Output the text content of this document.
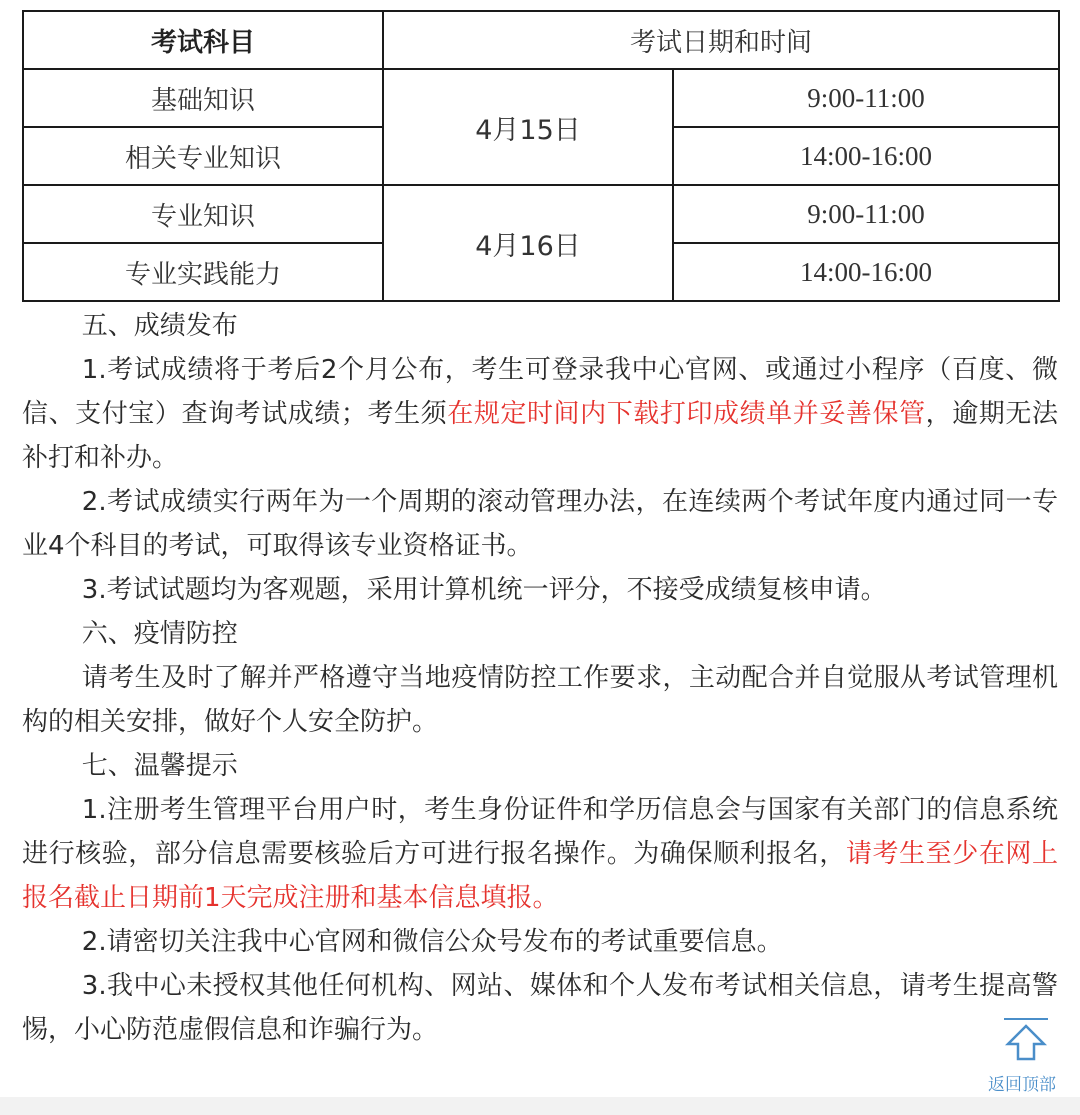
考试科目	考试日期和时间	
基础知识	4月15日	9:00-11:00
相关专业知识		14:00-16:00
专业知识	4月16日	9:00-11:00
专业实践能力		14:00-16:00

五、成绩发布

1.考试成绩将于考后2个月公布，考生可登录我中心官网、或通过小程序（百度、微信、支付宝）查询考试成绩；考生须在规定时间内下载打印成绩单并妥善保管，逾期无法补打和补办。

2.考试成绩实行两年为一个周期的滚动管理办法，在连续两个考试年度内通过同一专业4个科目的考试，可取得该专业资格证书。

3.考试试题均为客观题，采用计算机统一评分，不接受成绩复核申请。

六、疫情防控

请考生及时了解并严格遵守当地疫情防控工作要求，主动配合并自觉服从考试管理机构的相关安排，做好个人安全防护。

七、温馨提示

1.注册考生管理平台用户时，考生身份证件和学历信息会与国家有关部门的信息系统进行核验，部分信息需要核验后方可进行报名操作。为确保顺利报名，请考生至少在网上报名截止日期前1天完成注册和基本信息填报。

2.请密切关注我中心官网和微信公众号发布的考试重要信息。

3.我中心未授权其他任何机构、网站、媒体和个人发布考试相关信息，请考生提高警惕，小心防范虚假信息和诈骗行为。

返回顶部
